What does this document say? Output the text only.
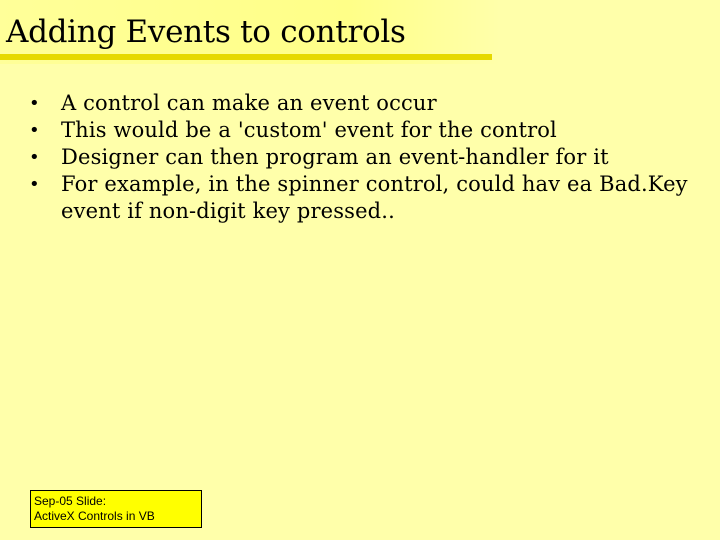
Adding Events to controls
• A control can make an event occur
• This would be a 'custom' event for the control
• Designer can then program an event-handler for it
• For example, in the spinner control, could hav ea Bad.Key event if non-digit key pressed..
Sep-05 Slide:
ActiveX Controls in VB
